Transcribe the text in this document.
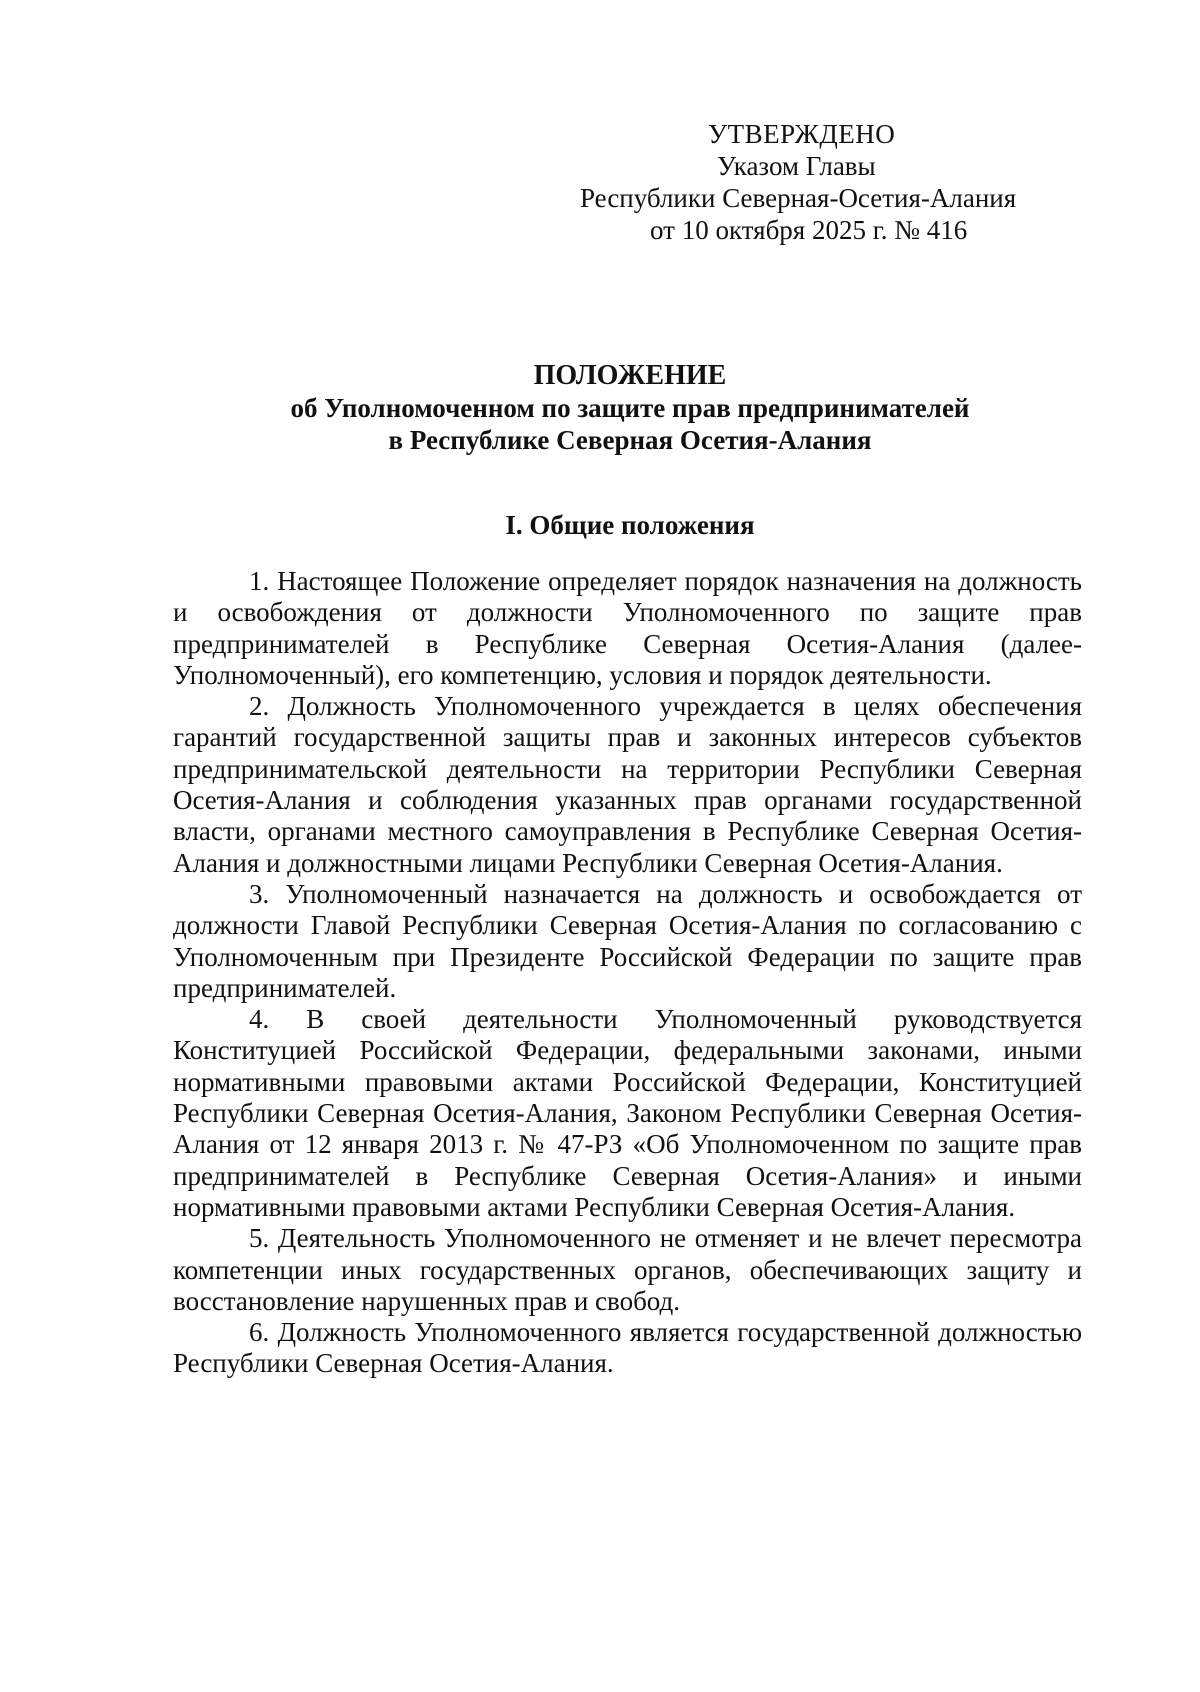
УТВЕРЖДЕНО
Указом Главы
Республики Северная-Осетия-Алания
от 10 октября 2025 г. № 416
ПОЛОЖЕНИЕ
об Уполномоченном по защите прав предпринимателей
в Республике Северная Осетия-Алания
I. Общие положения

1. Настоящее Положение определяет порядок назначения на должность и освобождения от должности Уполномоченного по защите прав предпринимателей в Республике Северная Осетия-Алания (далее-Уполномоченный), его компетенцию, условия и порядок деятельности.

2. Должность Уполномоченного учреждается в целях обеспечения гарантий государственной защиты прав и законных интересов субъектов предпринимательской деятельности на территории Республики Северная Осетия-Алания и соблюдения указанных прав органами государственной власти, органами местного самоуправления в Республике Северная Осетия-Алания и должностными лицами Республики Северная Осетия-Алания.

3. Уполномоченный назначается на должность и освобождается от должности Главой Республики Северная Осетия-Алания по согласованию с Уполномоченным при Президенте Российской Федерации по защите прав предпринимателей.

4. В своей деятельности Уполномоченный руководствуется Конституцией Российской Федерации, федеральными законами, иными нормативными правовыми актами Российской Федерации, Конституцией Республики Северная Осетия-Алания, Законом Республики Северная Осетия-Алания от 12 января 2013 г. № 47-РЗ «Об Уполномоченном по защите прав предпринимателей в Республике Северная Осетия-Алания» и иными нормативными правовыми актами Республики Северная Осетия-Алания.

5. Деятельность Уполномоченного не отменяет и не влечет пересмотра компетенции иных государственных органов, обеспечивающих защиту и восстановление нарушенных прав и свобод.

6. Должность Уполномоченного является государственной должностью Республики Северная Осетия-Алания.
